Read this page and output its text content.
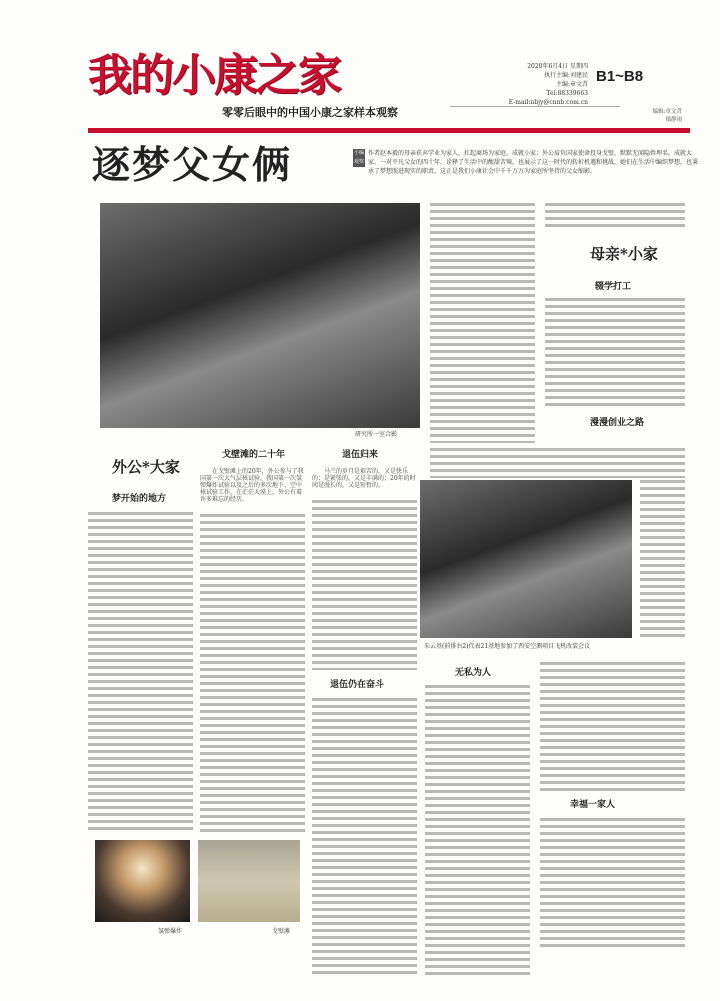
我的小康之家
零零后眼中的中国小康之家样本观察
2020年6月4日 星期四
执行主编:刘建民
主编:章文苕
Tel:88339663
E-mail:nbjy@cnnb.com.cn
B1~B8
编辑:章文苕
郁静雨
逐梦父女俩	小编观察
作者赵本毅的母亲获弃学业为家人，扛起商场为家庭，成就小家；外公肩负国家使命投身戈壁，默默无闻隐姓埋名，成就大家。一对平凡父女的四十年，诠释了生活中的酸甜苦辣，也展示了这一时代的转折机遇和挑战，她们在生活中编织梦想，也秉承了梦想照进现实的职责，这正是我们小康社会中千千万万为家庭所坚持的父女缩影。
研究所一室合影
母亲*小家
辍学打工
漫漫创业之路
外公*大家
梦开始的地方
戈壁滩的二十年
在戈壁滩上的20年，外公参与了我国第一次大气层核试验，我国第一次氢弹爆炸试验以及之后的多次地下、空中核试验工作，在茫茫大漠上，外公有着许多难忘的经历。
退伍归来
马兰的岁月是艰苦的，又是快乐的；是紧张的，又是丰满的；20年的时间是漫长的，又是短暂的。
退伍仍在奋斗
朱云基(前排右2)代表21基地参加了西安空测项目飞机改装会议
无私为人
幸福一家人
氢弹爆炸	戈壁滩
